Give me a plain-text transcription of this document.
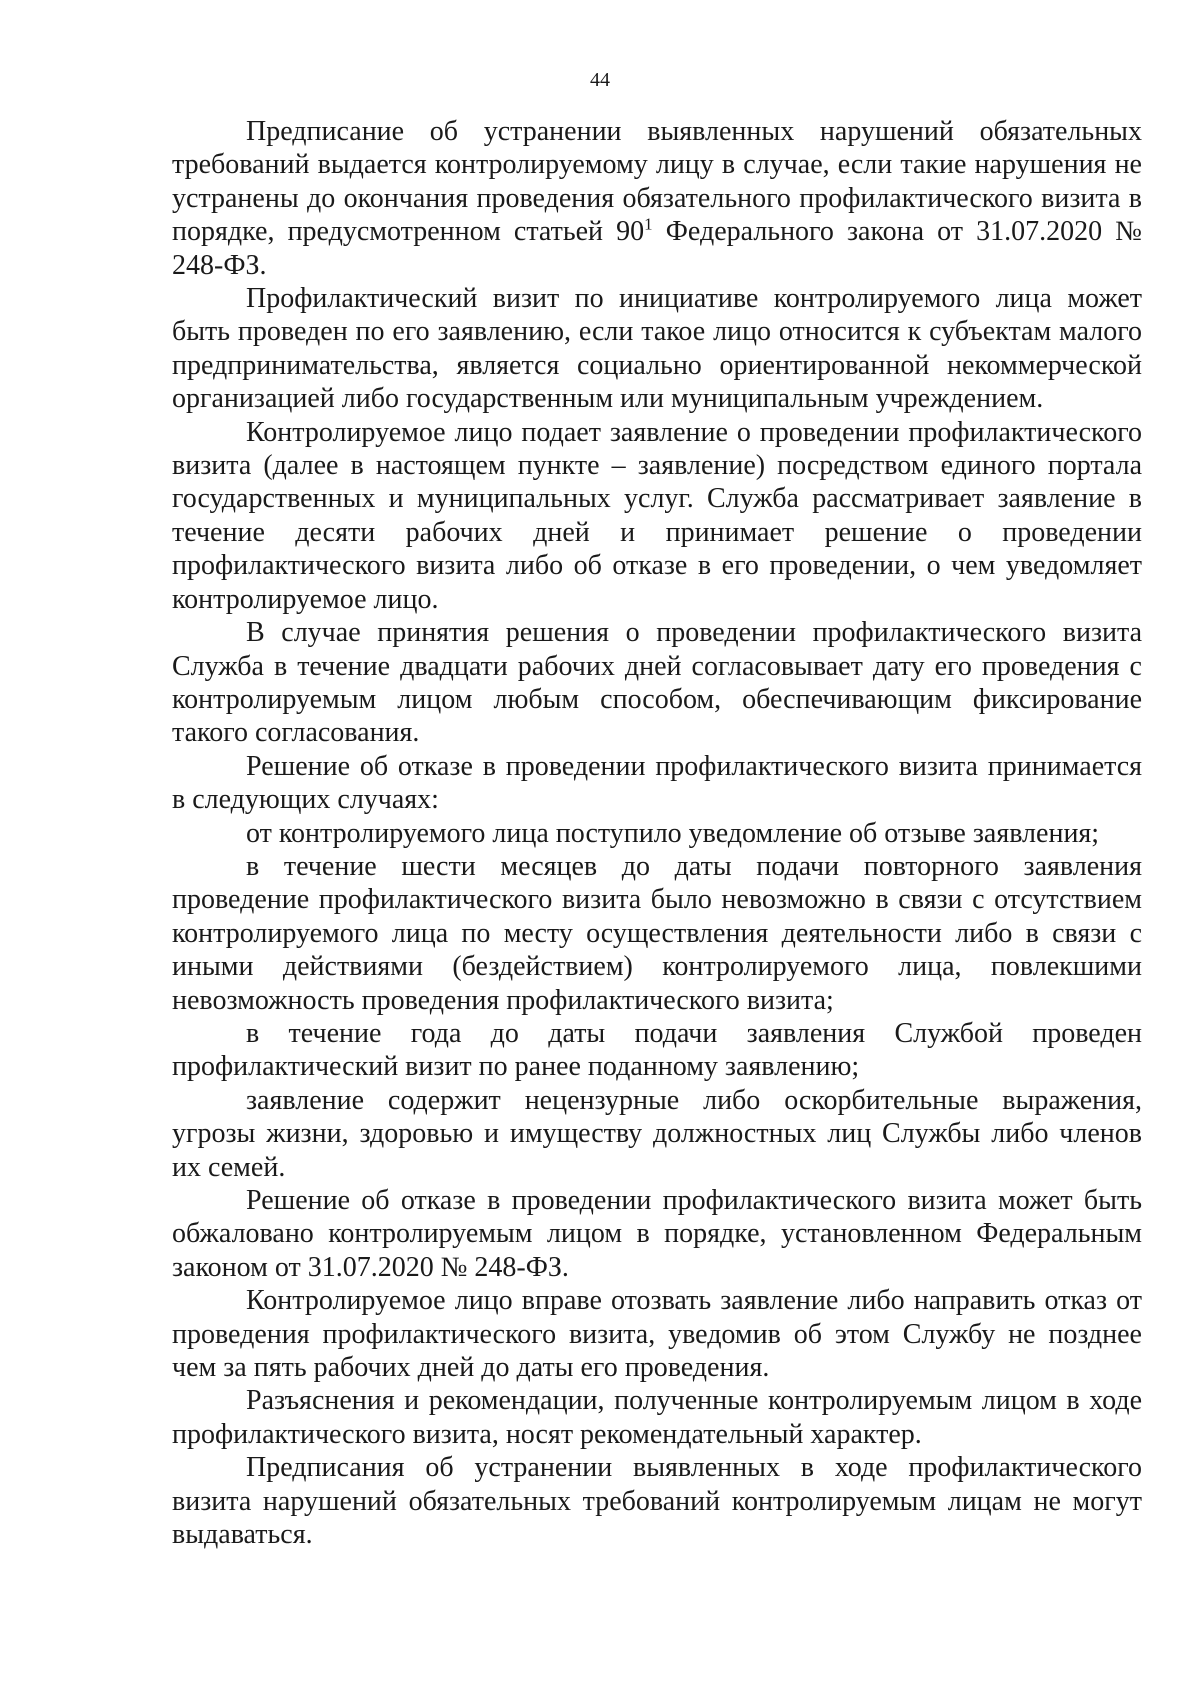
44

Предписание об устранении выявленных нарушений обязательных требований выдается контролируемому лицу в случае, если такие нарушения не устранены до окончания проведения обязательного профилактического визита в порядке, предусмотренном статьей $90^1$ Федерального закона от 31.07.2020 № 248-ФЗ.

Профилактический визит по инициативе контролируемого лица может быть проведен по его заявлению, если такое лицо относится к субъектам малого предпринимательства, является социально ориентированной некоммерческой организацией либо государственным или муниципальным учреждением.

Контролируемое лицо подает заявление о проведении профилактического визита (далее в настоящем пункте – заявление) посредством единого портала государственных и муниципальных услуг. Служба рассматривает заявление в течение десяти рабочих дней и принимает решение о проведении профилактического визита либо об отказе в его проведении, о чем уведомляет контролируемое лицо.

В случае принятия решения о проведении профилактического визита Служба в течение двадцати рабочих дней согласовывает дату его проведения с контролируемым лицом любым способом, обеспечивающим фиксирование такого согласования.

Решение об отказе в проведении профилактического визита принимается в следующих случаях:

от контролируемого лица поступило уведомление об отзыве заявления;

в течение шести месяцев до даты подачи повторного заявления проведение профилактического визита было невозможно в связи с отсутствием контролируемого лица по месту осуществления деятельности либо в связи с иными действиями (бездействием) контролируемого лица, повлекшими невозможность проведения профилактического визита;

в течение года до даты подачи заявления Службой проведен профилактический визит по ранее поданному заявлению;

заявление содержит нецензурные либо оскорбительные выражения, угрозы жизни, здоровью и имуществу должностных лиц Службы либо членов их семей.

Решение об отказе в проведении профилактического визита может быть обжаловано контролируемым лицом в порядке, установленном Федеральным законом от 31.07.2020 № 248-ФЗ.

Контролируемое лицо вправе отозвать заявление либо направить отказ от проведения профилактического визита, уведомив об этом Службу не позднее чем за пять рабочих дней до даты его проведения.

Разъяснения и рекомендации, полученные контролируемым лицом в ходе профилактического визита, носят рекомендательный характер.

Предписания об устранении выявленных в ходе профилактического визита нарушений обязательных требований контролируемым лицам не могут выдаваться.
